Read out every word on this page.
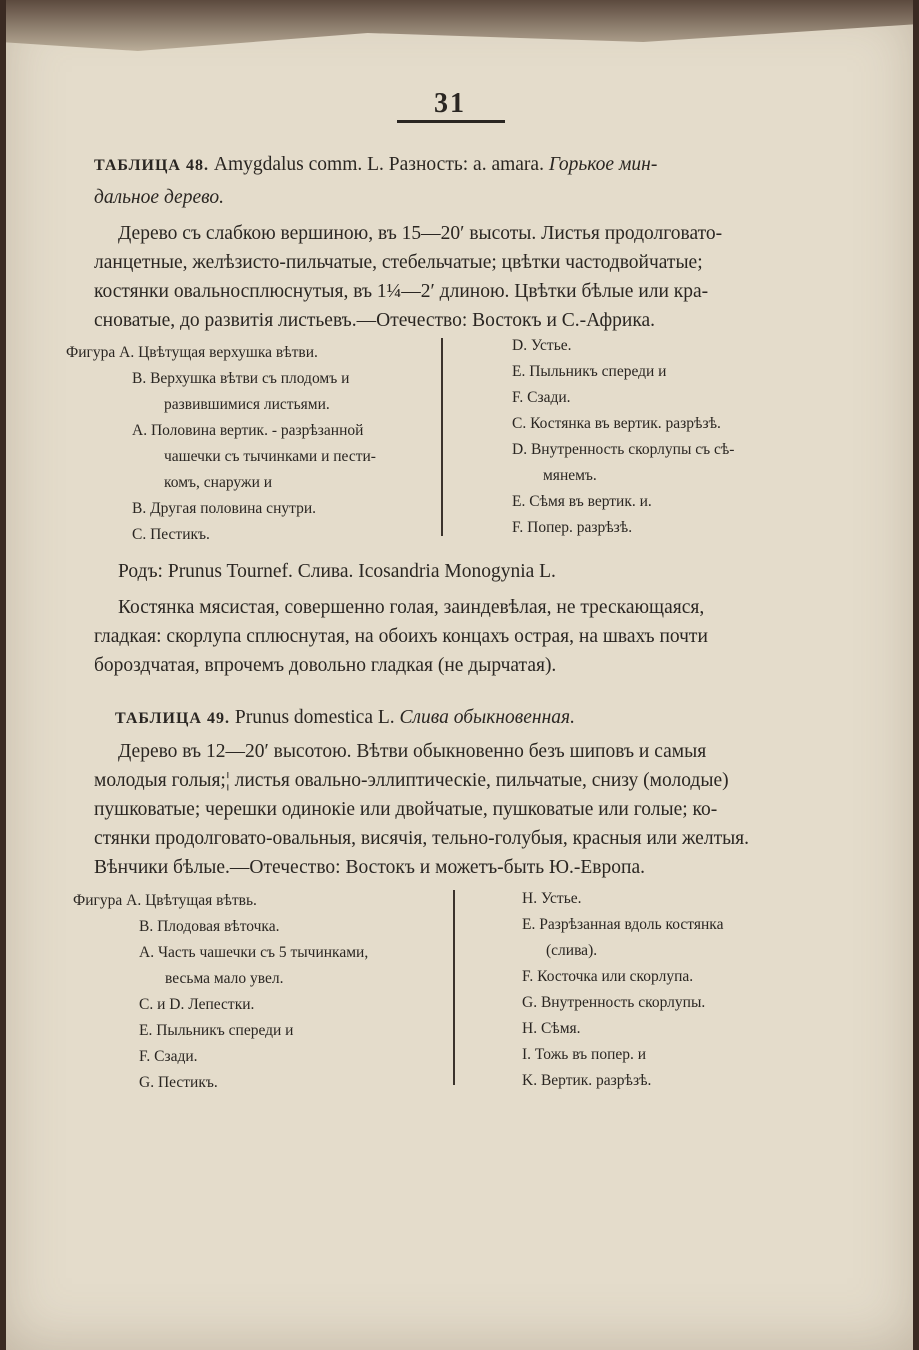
31
ТАБЛИЦА 48. Amygdalus comm. L. Разность: a. amara. Горькое мин-
дальное дерево.
Дерево съ слабкою вершиною, въ 15—20′ высоты. Листья продолговато-
ланцетные, желѣзисто-пильчатые, стебельчатые; цвѣтки частодвойчатые;
костянки овальносплюснутыя, въ 1¼—2′ длиною. Цвѣтки бѣлые или кра-
сноватые, до развитія листьевъ.—Отечество: Востокъ и С.-Африка.
Фигура A. Цвѣтущая верхушка вѣтви.
B. Верхушка вѣтви съ плодомъ и
развившимися листьями.
A. Половина вертик. - разрѣзанной
чашечки съ тычинками и пести-
комъ, снаружи и
B. Другая половина снутри.
C. Пестикъ.
D. Устье.
E. Пыльникъ спереди и
F. Сзади.
C. Костянка въ вертик. разрѣзѣ.
D. Внутренность скорлупы съ сѣ-
мянемъ.
E. Сѣмя въ вертик. и.
F. Попер. разрѣзѣ.
Родъ: Prunus Tournef. Слива. Icosandria Monogynia L.
Костянка мясистая, совершенно голая, заиндевѣлая, не трескающаяся,
гладкая: скорлупа сплюснутая, на обоихъ концахъ острая, на швахъ почти
бороздчатая, впрочемъ довольно гладкая (не дырчатая).
ТАБЛИЦА 49. Prunus domestica L. Слива обыкновенная.
Дерево въ 12—20′ высотою. Вѣтви обыкновенно безъ шиповъ и самыя
молодыя голыя;¦ листья овально-эллиптическіе, пильчатые, снизу (молодые)
пушковатые; черешки одинокіе или двойчатые, пушковатые или голые; ко-
стянки продолговато-овальныя, висячія, тельно-голубыя, красныя или желтыя.
Вѣнчики бѣлые.—Отечество: Востокъ и можетъ-быть Ю.-Европа.
Фигура A. Цвѣтущая вѣтвь.
B. Плодовая вѣточка.
A. Часть чашечки съ 5 тычинками,
весьма мало увел.
C. и D. Лепестки.
E. Пыльникъ спереди и
F. Сзади.
G. Пестикъ.
H. Устье.
E. Разрѣзанная вдоль костянка
(слива).
F. Косточка или скорлупа.
G. Внутренность скорлупы.
H. Сѣмя.
I. Тожь въ попер. и
K. Вертик. разрѣзѣ.
